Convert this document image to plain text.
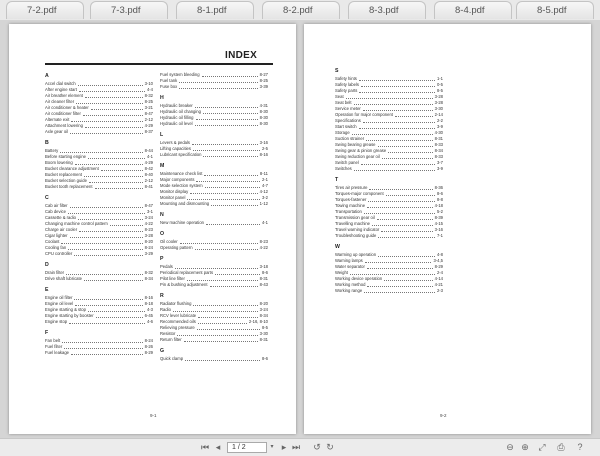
7-2.pdf	7-3.pdf	8-1.pdf	8-2.pdf	8-3.pdf	8-4.pdf	8-5.pdf
INDEX
A
Accel dial switch	3-10
After engine start	4-4
Air breather element	8-32
Air cleaner filter	8-25
Air conditioner & heater	3-21
Air conditioner filter	8-47
Alternate exit	2-12
Attachment lowering	4-29
Axle gear oil	8-37
B
Battery	8-44
Before starting engine	4-1
Boom lowering	4-29
Bucket clearance adjustment	8-42
Bucket replacement	8-40
Bucket selection guide	2-12
Bucket tooth replacement	8-41
C
Cab air filter	8-47
Cab device	3-1
Cassette & radio	3-24
Changing machine control pattern	4-22
Charge air cooler	8-23
Cigar lighter	3-28
Coolant	8-20
Cooling fan	8-24
CPU controller	3-29
D
Drain filter	8-32
Drive shaft lubricate	8-34
E
Engine oil filter	8-16
Engine oil level	8-18
Engine starting & stop	4-3
Engine starting by booster	6-45
Engine stop	4-6
F
Fan belt	8-24
Fuel filter	8-26
Fuel leakage	8-29
Fuel system bleeding	8-27
Fuel tank	8-25
Fuse box	3-39
H
Hydraulic breaker	4-31
Hydraulic oil changing	8-30
Hydraulic oil filling	8-30
Hydraulic oil level	8-30
L
Levers & pedals	3-16
Lifting capacities	2-5
Lubricant specification	8-16
M
Maintenance check list	8-11
Major components	2-1
Mode selection system	4-7
Monitor display	4-12
Monitor panel	3-2
Mounting and dismounting	1-12
N
New machine operation	4-1
O
Oil cooler	8-23
Operating pattern	4-22
P
Pedals	3-18
Periodical replacement parts	8-6
Pilot line filter	8-31
Pin & bushing adjustment	8-43
R
Radiator flushing	8-20
Radio	3-24
RCV lever lubricate	8-34
Recommended oils	2-16, 8-10
Relieving pressure	8-5
Resistor	3-30
Return filter	8-31
G
Quick clamp	8-6
9-1
S
Safety hints	1-1
Safety labels	0-5
Safety parts	8-5
Seat	3-28
Seat belt	3-28
Service meter	3-30
Operation for major component	2-14
Specifications	2-2
Start switch	3-9
Storage	4-30
Suction strainer	8-31
Swing bearing grease	8-33
Swing gear & pinion grease	8-34
Swing reduction gear oil	8-33
Switch panel	3-7
Switches	3-9
T
Tires air pressure	8-36
Torques-major component	8-6
Torques-fastener	8-8
Towing machine	4-18
Transportation	5-2
Transmission gear oil	8-39
Travelling machine	4-15
Travel warning indicator	3-16
Troubleshooting guide	7-1
W
Warming up operation	4-8
Warning lamps	3-4,5
Water separator	8-29
Weight	2-4
Working device operation	4-14
Working method	4-21
Working range	2-3
9-2
⏮ ◂	1 / 2	▾ ▸ ⏭ ↺ ↻	⊖ ⊕ ⤢ ⎙ ?
